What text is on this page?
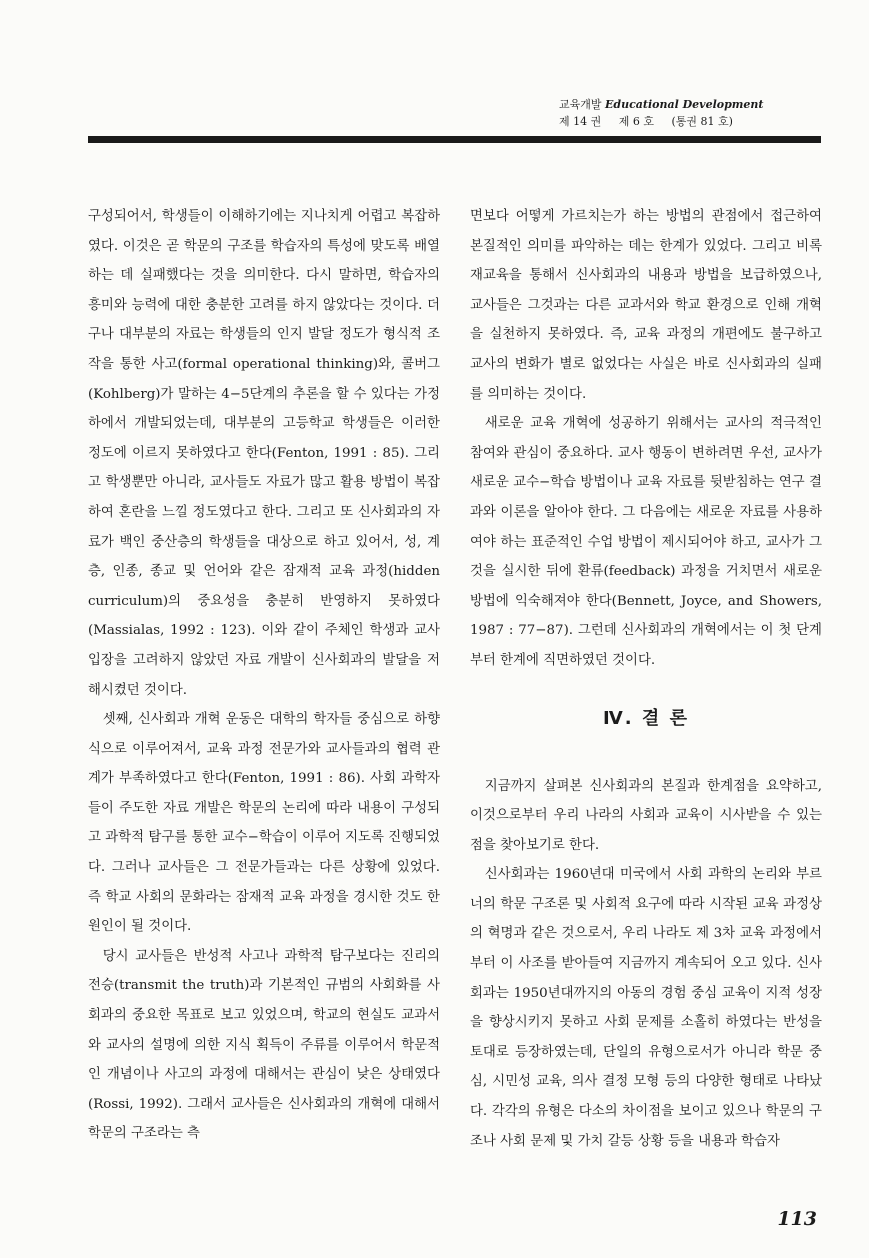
교육개발 Educational Development
제 14 권 제 6 호 (통권 81 호)

구성되어서, 학생들이 이해하기에는 지나치게 어렵고 복잡하였다. 이것은 곧 학문의 구조를 학습자의 특성에 맞도록 배열하는 데 실패했다는 것을 의미한다. 다시 말하면, 학습자의 흥미와 능력에 대한 충분한 고려를 하지 않았다는 것이다. 더구나 대부분의 자료는 학생들의 인지 발달 정도가 형식적 조작을 통한 사고(formal operational thinking)와, 콜버그(Kohlberg)가 말하는 4−5단계의 추론을 할 수 있다는 가정하에서 개발되었는데, 대부분의 고등학교 학생들은 이러한 정도에 이르지 못하였다고 한다(Fenton, 1991 : 85). 그리고 학생뿐만 아니라, 교사들도 자료가 많고 활용 방법이 복잡하여 혼란을 느낄 정도였다고 한다. 그리고 또 신사회과의 자료가 백인 중산층의 학생들을 대상으로 하고 있어서, 성, 계층, 인종, 종교 및 언어와 같은 잠재적 교육 과정(hidden curriculum)의 중요성을 충분히 반영하지 못하였다(Massialas, 1992 : 123). 이와 같이 주체인 학생과 교사 입장을 고려하지 않았던 자료 개발이 신사회과의 발달을 저해시켰던 것이다.

셋째, 신사회과 개혁 운동은 대학의 학자들 중심으로 하향식으로 이루어져서, 교육 과정 전문가와 교사들과의 협력 관계가 부족하였다고 한다(Fenton, 1991 : 86). 사회 과학자들이 주도한 자료 개발은 학문의 논리에 따라 내용이 구성되고 과학적 탐구를 통한 교수−학습이 이루어 지도록 진행되었다. 그러나 교사들은 그 전문가들과는 다른 상황에 있었다. 즉 학교 사회의 문화라는 잠재적 교육 과정을 경시한 것도 한 원인이 될 것이다.

당시 교사들은 반성적 사고나 과학적 탐구보다는 진리의 전승(transmit the truth)과 기본적인 규범의 사회화를 사회과의 중요한 목표로 보고 있었으며, 학교의 현실도 교과서와 교사의 설명에 의한 지식 획득이 주류를 이루어서 학문적인 개념이나 사고의 과정에 대해서는 관심이 낮은 상태였다(Rossi, 1992). 그래서 교사들은 신사회과의 개혁에 대해서 학문의 구조라는 측

면보다 어떻게 가르치는가 하는 방법의 관점에서 접근하여 본질적인 의미를 파악하는 데는 한계가 있었다. 그리고 비록 재교육을 통해서 신사회과의 내용과 방법을 보급하였으나, 교사들은 그것과는 다른 교과서와 학교 환경으로 인해 개혁을 실천하지 못하였다. 즉, 교육 과정의 개편에도 불구하고 교사의 변화가 별로 없었다는 사실은 바로 신사회과의 실패를 의미하는 것이다.

새로운 교육 개혁에 성공하기 위해서는 교사의 적극적인 참여와 관심이 중요하다. 교사 행동이 변하려면 우선, 교사가 새로운 교수−학습 방법이나 교육 자료를 뒷받침하는 연구 결과와 이론을 알아야 한다. 그 다음에는 새로운 자료를 사용하여야 하는 표준적인 수업 방법이 제시되어야 하고, 교사가 그것을 실시한 뒤에 환류(feedback) 과정을 거치면서 새로운 방법에 익숙해져야 한다(Bennett, Joyce, and Showers, 1987 : 77−87). 그런데 신사회과의 개혁에서는 이 첫 단계부터 한계에 직면하였던 것이다.

Ⅳ. 결 론

지금까지 살펴본 신사회과의 본질과 한계점을 요약하고, 이것으로부터 우리 나라의 사회과 교육이 시사받을 수 있는 점을 찾아보기로 한다.

신사회과는 1960년대 미국에서 사회 과학의 논리와 부르너의 학문 구조론 및 사회적 요구에 따라 시작된 교육 과정상의 혁명과 같은 것으로서, 우리 나라도 제 3차 교육 과정에서부터 이 사조를 받아들여 지금까지 계속되어 오고 있다. 신사회과는 1950년대까지의 아동의 경험 중심 교육이 지적 성장을 향상시키지 못하고 사회 문제를 소홀히 하였다는 반성을 토대로 등장하였는데, 단일의 유형으로서가 아니라 학문 중심, 시민성 교육, 의사 결정 모형 등의 다양한 형태로 나타났다. 각각의 유형은 다소의 차이점을 보이고 있으나 학문의 구조나 사회 문제 및 가치 갈등 상황 등을 내용과 학습자

113
